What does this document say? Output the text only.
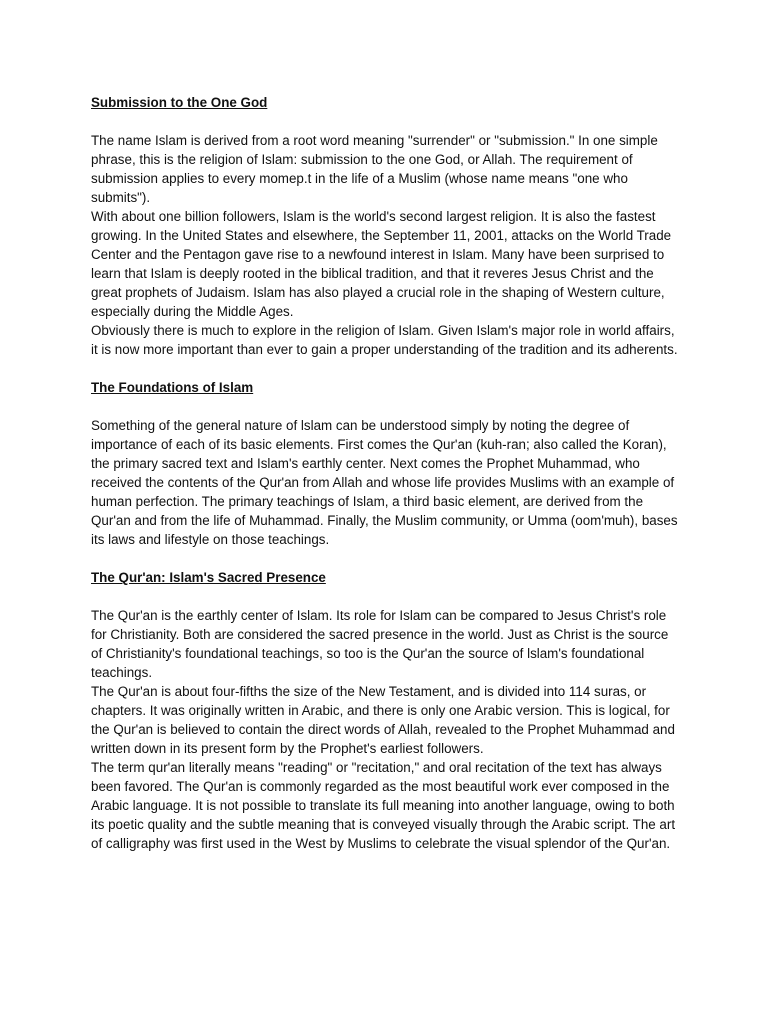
Submission to the One God

The name Islam is derived from a root word meaning "surrender" or "submission." In one simple phrase, this is the religion of Islam: submission to the one God, or Allah. The requirement of submission applies to every momep.t in the life of a Muslim (whose name means "one who submits").

With about one billion followers, Islam is the world's second largest religion. It is also the fastest growing. In the United States and elsewhere, the September 11, 2001, attacks on the World Trade Center and the Pentagon gave rise to a newfound interest in Islam. Many have been surprised to learn that Islam is deeply rooted in the biblical tradition, and that it reveres Jesus Christ and the great prophets of Judaism. Islam has also played a crucial role in the shaping of Western culture, especially during the Middle Ages.

Obviously there is much to explore in the religion of Islam. Given Islam's major role in world affairs, it is now more important than ever to gain a proper understanding of the tradition and its adherents.

The Foundations of Islam

Something of the general nature of lslam can be understood simply by noting the degree of importance of each of its basic elements. First comes the Qur'an (kuh-ran; also called the Koran), the primary sacred text and Islam's earthly center. Next comes the Prophet Muhammad, who received the contents of the Qur'an from Allah and whose life provides Muslims with an example of human perfection. The primary teachings of Islam, a third basic element, are derived from the Qur'an and from the life of Muhammad. Finally, the Muslim community, or Umma (oom'muh), bases its laws and lifestyle on those teachings.

The Qur'an: Islam's Sacred Presence

The Qur'an is the earthly center of Islam. Its role for Islam can be compared to Jesus Christ's role for Christianity. Both are considered the sacred presence in the world. Just as Christ is the source of Christianity's foundational teachings, so too is the Qur'an the source of lslam's foundational teachings.

The Qur'an is about four-fifths the size of the New Testament, and is divided into 114 suras, or chapters. It was originally written in Arabic, and there is only one Arabic version. This is logical, for the Qur'an is believed to contain the direct words of Allah, revealed to the Prophet Muhammad and written down in its present form by the Prophet's earliest followers.

The term qur'an literally means "reading" or "recitation," and oral recitation of the text has always been favored. The Qur'an is commonly regarded as the most beautiful work ever composed in the Arabic language. It is not possible to translate its full meaning into another language, owing to both its poetic quality and the subtle meaning that is conveyed visually through the Arabic script. The art of calligraphy was first used in the West by Muslims to celebrate the visual splendor of the Qur'an.
